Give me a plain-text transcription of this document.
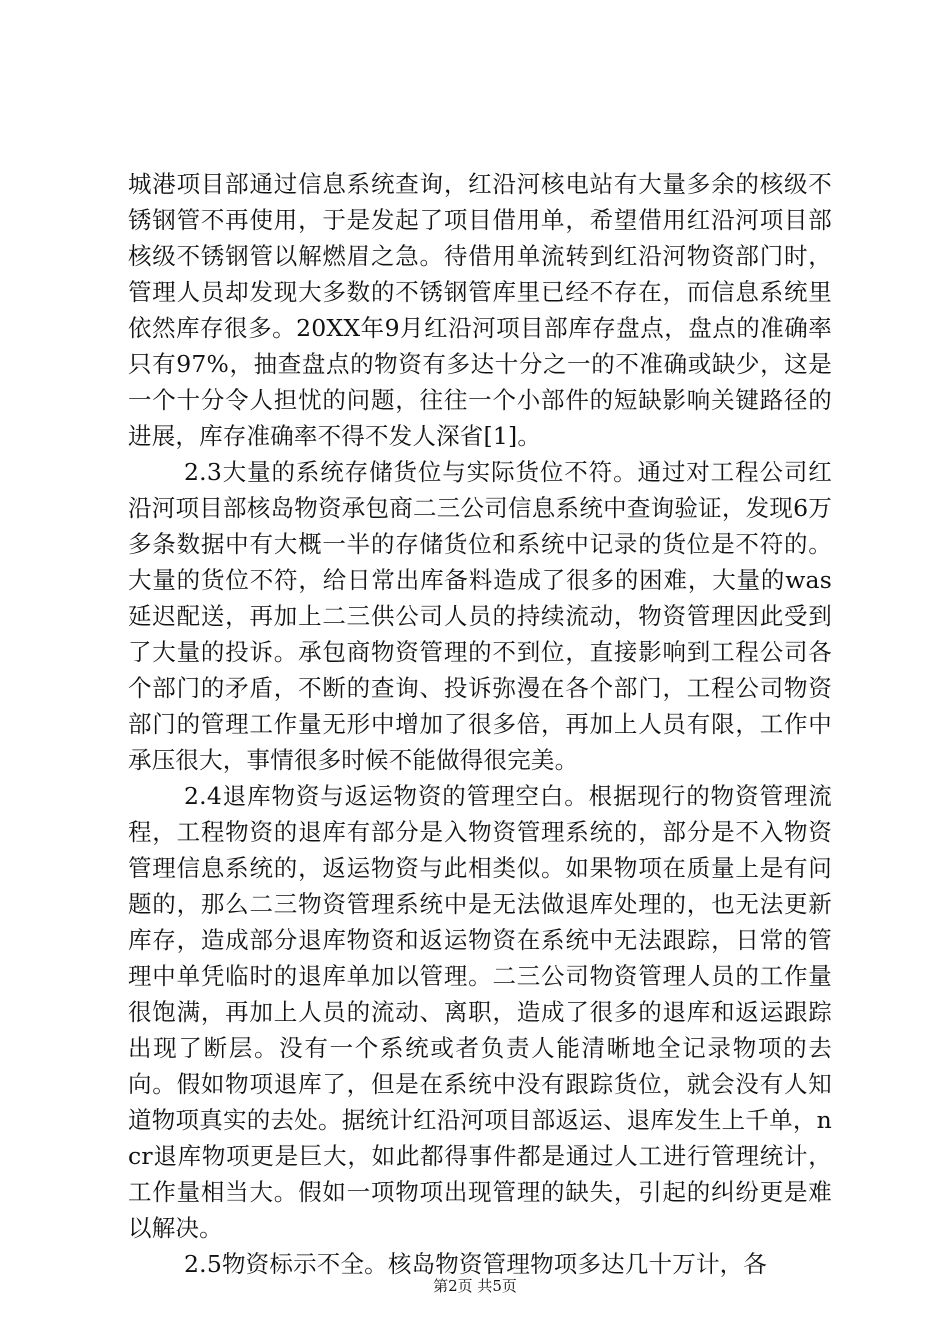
城港项目部通过信息系统查询，红沿河核电站有大量多余的核级不锈钢管不再使用，于是发起了项目借用单，希望借用红沿河项目部核级不锈钢管以解燃眉之急。待借用单流转到红沿河物资部门时，管理人员却发现大多数的不锈钢管库里已经不存在，而信息系统里依然库存很多。20XX年9月红沿河项目部库存盘点，盘点的准确率只有97%，抽查盘点的物资有多达十分之一的不准确或缺少，这是一个十分令人担忧的问题，往往一个小部件的短缺影响关键路径的进展，库存准确率不得不发人深省[1]。

2.3大量的系统存储货位与实际货位不符。通过对工程公司红沿河项目部核岛物资承包商二三公司信息系统中查询验证，发现6万多条数据中有大概一半的存储货位和系统中记录的货位是不符的。大量的货位不符，给日常出库备料造成了很多的困难，大量的was延迟配送，再加上二三供公司人员的持续流动，物资管理因此受到了大量的投诉。承包商物资管理的不到位，直接影响到工程公司各个部门的矛盾，不断的查询、投诉弥漫在各个部门，工程公司物资部门的管理工作量无形中增加了很多倍，再加上人员有限，工作中承压很大，事情很多时候不能做得很完美。

2.4退库物资与返运物资的管理空白。根据现行的物资管理流程，工程物资的退库有部分是入物资管理系统的，部分是不入物资管理信息系统的，返运物资与此相类似。如果物项在质量上是有问题的，那么二三物资管理系统中是无法做退库处理的，也无法更新库存，造成部分退库物资和返运物资在系统中无法跟踪，日常的管理中单凭临时的退库单加以管理。二三公司物资管理人员的工作量很饱满，再加上人员的流动、离职，造成了很多的退库和返运跟踪出现了断层。没有一个系统或者负责人能清晰地全记录物项的去向。假如物项退库了，但是在系统中没有跟踪货位，就会没有人知道物项真实的去处。据统计红沿河项目部返运、退库发生上千单，ncr退库物项更是巨大，如此都得事件都是通过人工进行管理统计，工作量相当大。假如一项物项出现管理的缺失，引起的纠纷更是难以解决。

2.5物资标示不全。核岛物资管理物项多达几十万计，各

第2页 共5页
